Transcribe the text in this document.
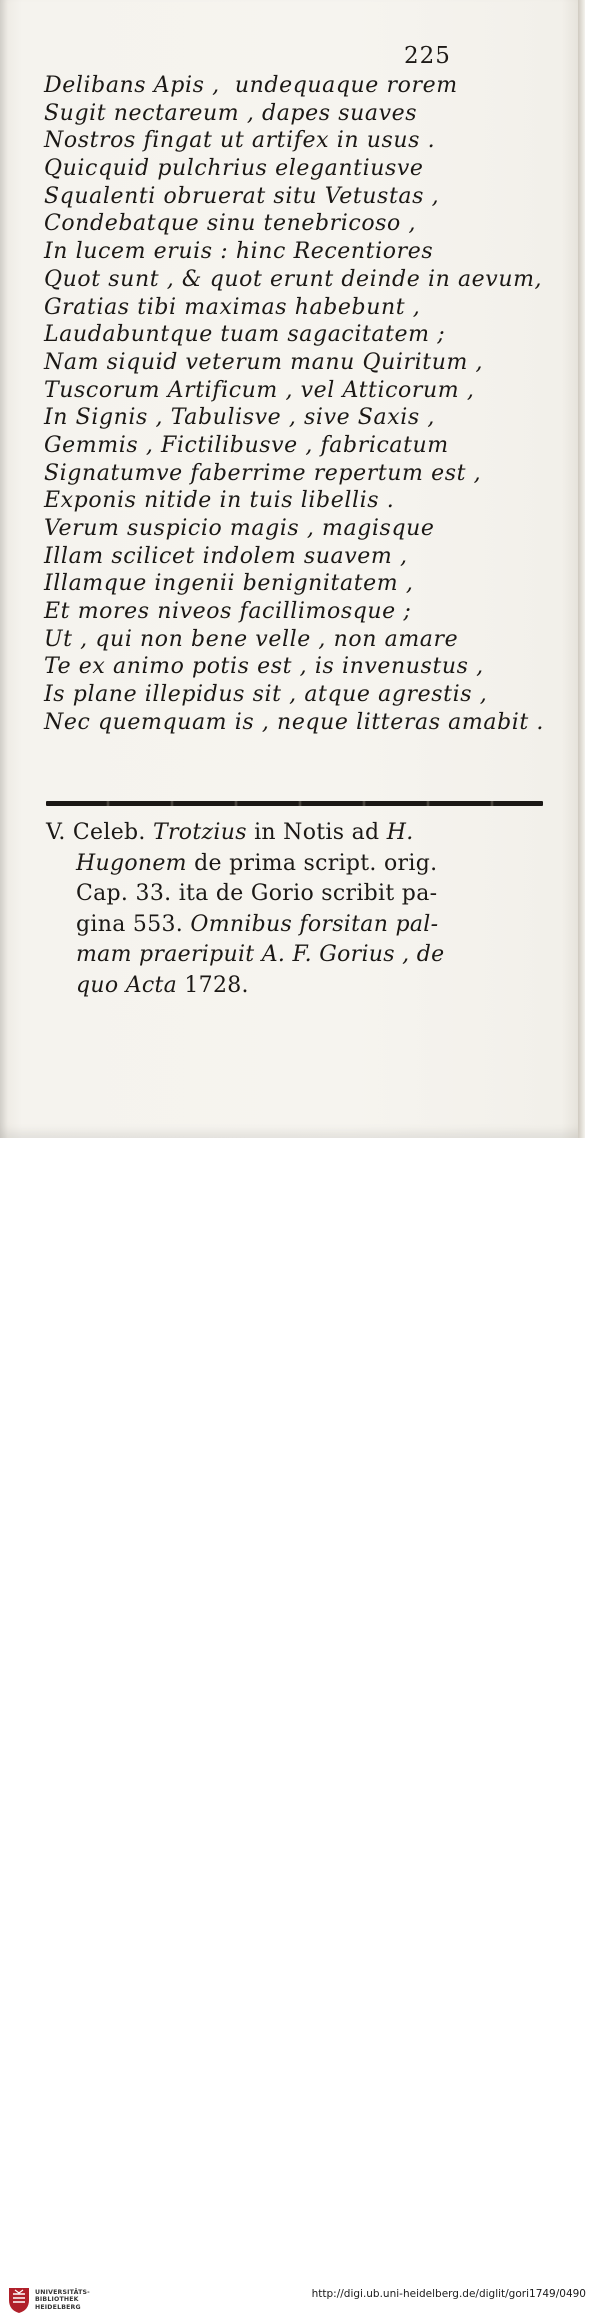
225
Delibans Apis ,  undequaque rorem
Sugit nectareum , dapes suaves
Nostros fingat ut artifex in usus .
Quicquid pulchrius elegantiusve
Squalenti obruerat situ Vetustas ,
Condebatque sinu tenebricoso ,
In lucem eruis : hinc Recentiores
Quot sunt , & quot erunt deinde in aevum,
Gratias tibi maximas habebunt ,
Laudabuntque tuam sagacitatem ;
Nam siquid veterum manu Quiritum ,
Tuscorum Artificum , vel Atticorum ,
In Signis , Tabulisve , sive Saxis ,
Gemmis , Fictilibusve , fabricatum
Signatumve faberrime repertum est ,
Exponis nitide in tuis libellis .
Verum suspicio magis , magisque
Illam scilicet indolem suavem ,
Illamque ingenii benignitatem ,
Et mores niveos facillimosque ;
Ut , qui non bene velle , non amare
Te ex animo potis est , is invenustus ,
Is plane illepidus sit , atque agrestis ,
Nec quemquam is , neque litteras amabit .
V. Celeb. Trotzius in Notis ad H.
Hugonem de prima script. orig.
Cap. 33. ita de Gorio scribit pa-
gina 553. Omnibus forsitan pal-
mam praeripuit A. F. Gorius , de
quo Acta 1728.
UNIVERSITÄTS-
BIBLIOTHEK
HEIDELBERG
http://digi.ub.uni-heidelberg.de/diglit/gori1749/0490
